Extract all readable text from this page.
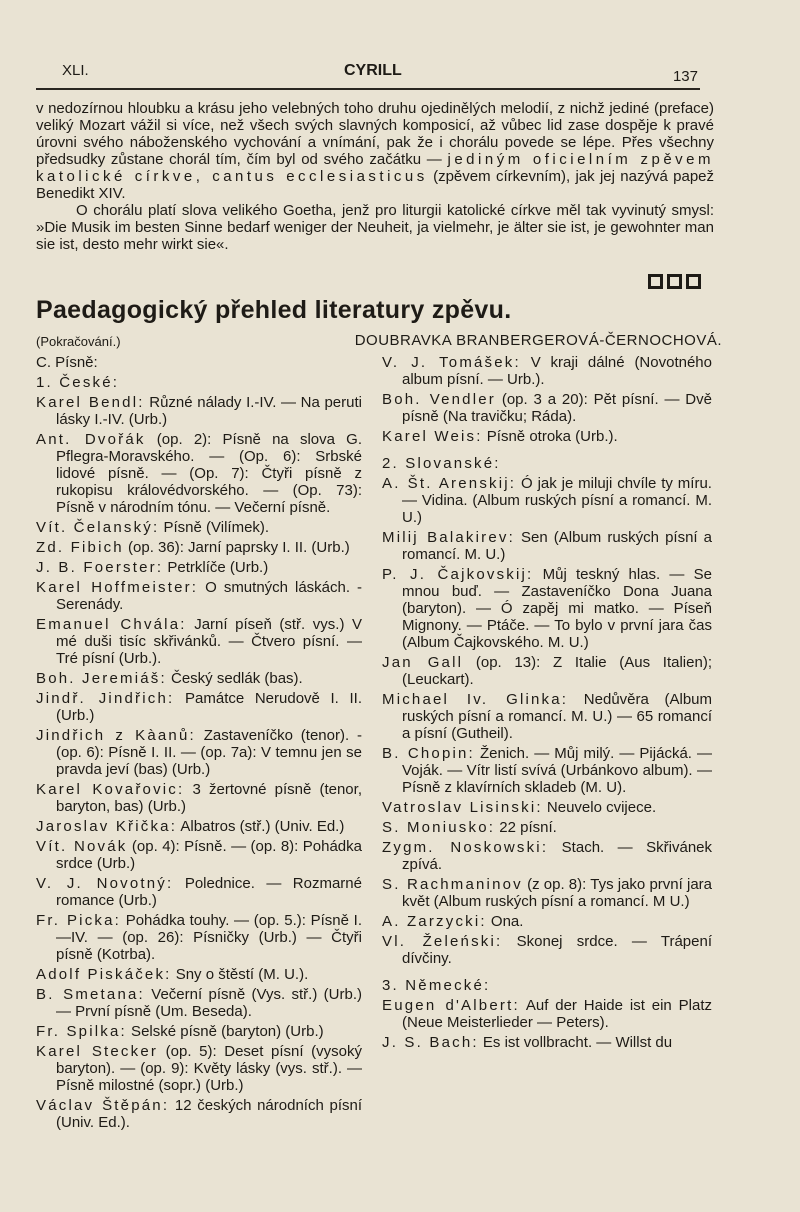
XLI.	CYRILL	137

v nedozírnou hloubku a krásu jeho velebných toho druhu ojedinělých melodií, z nichž jediné (preface) veliký Mozart vážil si více, než všech svých slavných komposicí, až vůbec lid zase dospěje k pravé úrovni svého náboženského vychování a vnímání, pak že i chorálu povede se lépe. Přes všechny předsudky zůstane chorál tím, čím byl od svého začátku — jediným oficielním zpěvem katolické církve, cantus ecclesiasticus (zpěvem církevním), jak jej nazývá papež Benedikt XIV.

O chorálu platí slova velikého Goetha, jenž pro liturgii katolické církve měl tak vyvinutý smysl: »Die Musik im besten Sinne bedarf weniger der Neuheit, ja vielmehr, je älter sie ist, je gewohnter man sie ist, desto mehr wirkt sie«.

Paedagogický přehled literatury zpěvu.
(Pokračování.)	DOUBRAVKA BRANBERGEROVÁ-ČERNOCHOVÁ.
C. Písně:
1. České:
Karel Bendl: Různé nálady I.-IV. — Na peruti lásky I.-IV. (Urb.)
Ant. Dvořák (op. 2): Písně na slova G. Pflegra-Moravského. — (Op. 6): Srbské lidové písně. — (Op. 7): Čtyři písně z rukopisu královédvorského. — (Op. 73): Písně v národním tónu. — Večerní písně.
Vít. Čelanský: Písně (Vilímek).
Zd. Fibich (op. 36): Jarní paprsky I. II. (Urb.)
J. B. Foerster: Petrklíče (Urb.)
Karel Hoffmeister: O smutných láskách. - Serenády.
Emanuel Chvála: Jarní píseň (stř. vys.) V mé duši tisíc skřivánků. — Čtvero písní. — Tré písní (Urb.).
Boh. Jeremiáš: Český sedlák (bas).
Jindř. Jindřich: Památce Nerudově I. II. (Urb.)
Jindřich z Kàanů: Zastaveníčko (tenor). - (op. 6): Písně I. II. — (op. 7a): V temnu jen se pravda jeví (bas) (Urb.)
Karel Kovařovic: 3 žertovné písně (tenor, baryton, bas) (Urb.)
Jaroslav Křička: Albatros (stř.) (Univ. Ed.)
Vít. Novák (op. 4): Písně. — (op. 8): Pohádka srdce (Urb.)
V. J. Novotný: Polednice. — Rozmarné romance (Urb.)
Fr. Picka: Pohádka touhy. — (op. 5.): Písně I.—IV. — (op. 26): Písničky (Urb.) — Čtyři písně (Kotrba).
Adolf Piskáček: Sny o štěstí (M. U.).
B. Smetana: Večerní písně (Vys. stř.) (Urb.) — První písně (Um. Beseda).
Fr. Spilka: Selské písně (baryton) (Urb.)
Karel Stecker (op. 5): Deset písní (vysoký baryton). — (op. 9): Květy lásky (vys. stř.). — Písně milostné (sopr.) (Urb.)
Václav Štěpán: 12 českých národních písní (Univ. Ed.).
V. J. Tomášek: V kraji dálné (Novotného album písní. — Urb.).
Boh. Vendler (op. 3 a 20): Pět písní. — Dvě písně (Na travičku; Ráda).
Karel Weis: Písně otroka (Urb.).
2. Slovanské:
A. Št. Arenskij: Ó jak je miluji chvíle ty míru. — Vidina. (Album ruských písní a romancí. M. U.)
Milij Balakirev: Sen (Album ruských písní a romancí. M. U.)
P. J. Čajkovskij: Můj teskný hlas. — Se mnou buď. — Zastaveníčko Dona Juana (baryton). — Ó zapěj mi matko. — Píseň Mignony. — Ptáče. — To bylo v první jara čas (Album Čajkovského. M. U.)
Jan Gall (op. 13): Z Italie (Aus Italien); (Leuckart).
Michael Iv. Glinka: Nedůvěra (Album ruských písní a romancí. M. U.) — 65 romancí a písní (Gutheil).
B. Chopin: Ženich. — Můj milý. — Pijácká. — Voják. — Vítr listí svívá (Urbánkovo album). — Písně z klavírních skladeb (M. U).
Vatroslav Lisinski: Neuvelo cvijece.
S. Moniusko: 22 písní.
Zygm. Noskowski: Stach. — Skřivánek zpívá.
S. Rachmaninov (z op. 8): Tys jako první jara květ (Album ruských písní a romancí. M U.)
A. Zarzycki: Ona.
Vl. Želeński: Skonej srdce. — Trápení dívčiny.
3. Německé:
Eugen d'Albert: Auf der Haide ist ein Platz (Neue Meisterlieder — Peters).
J. S. Bach: Es ist vollbracht. — Willst du
